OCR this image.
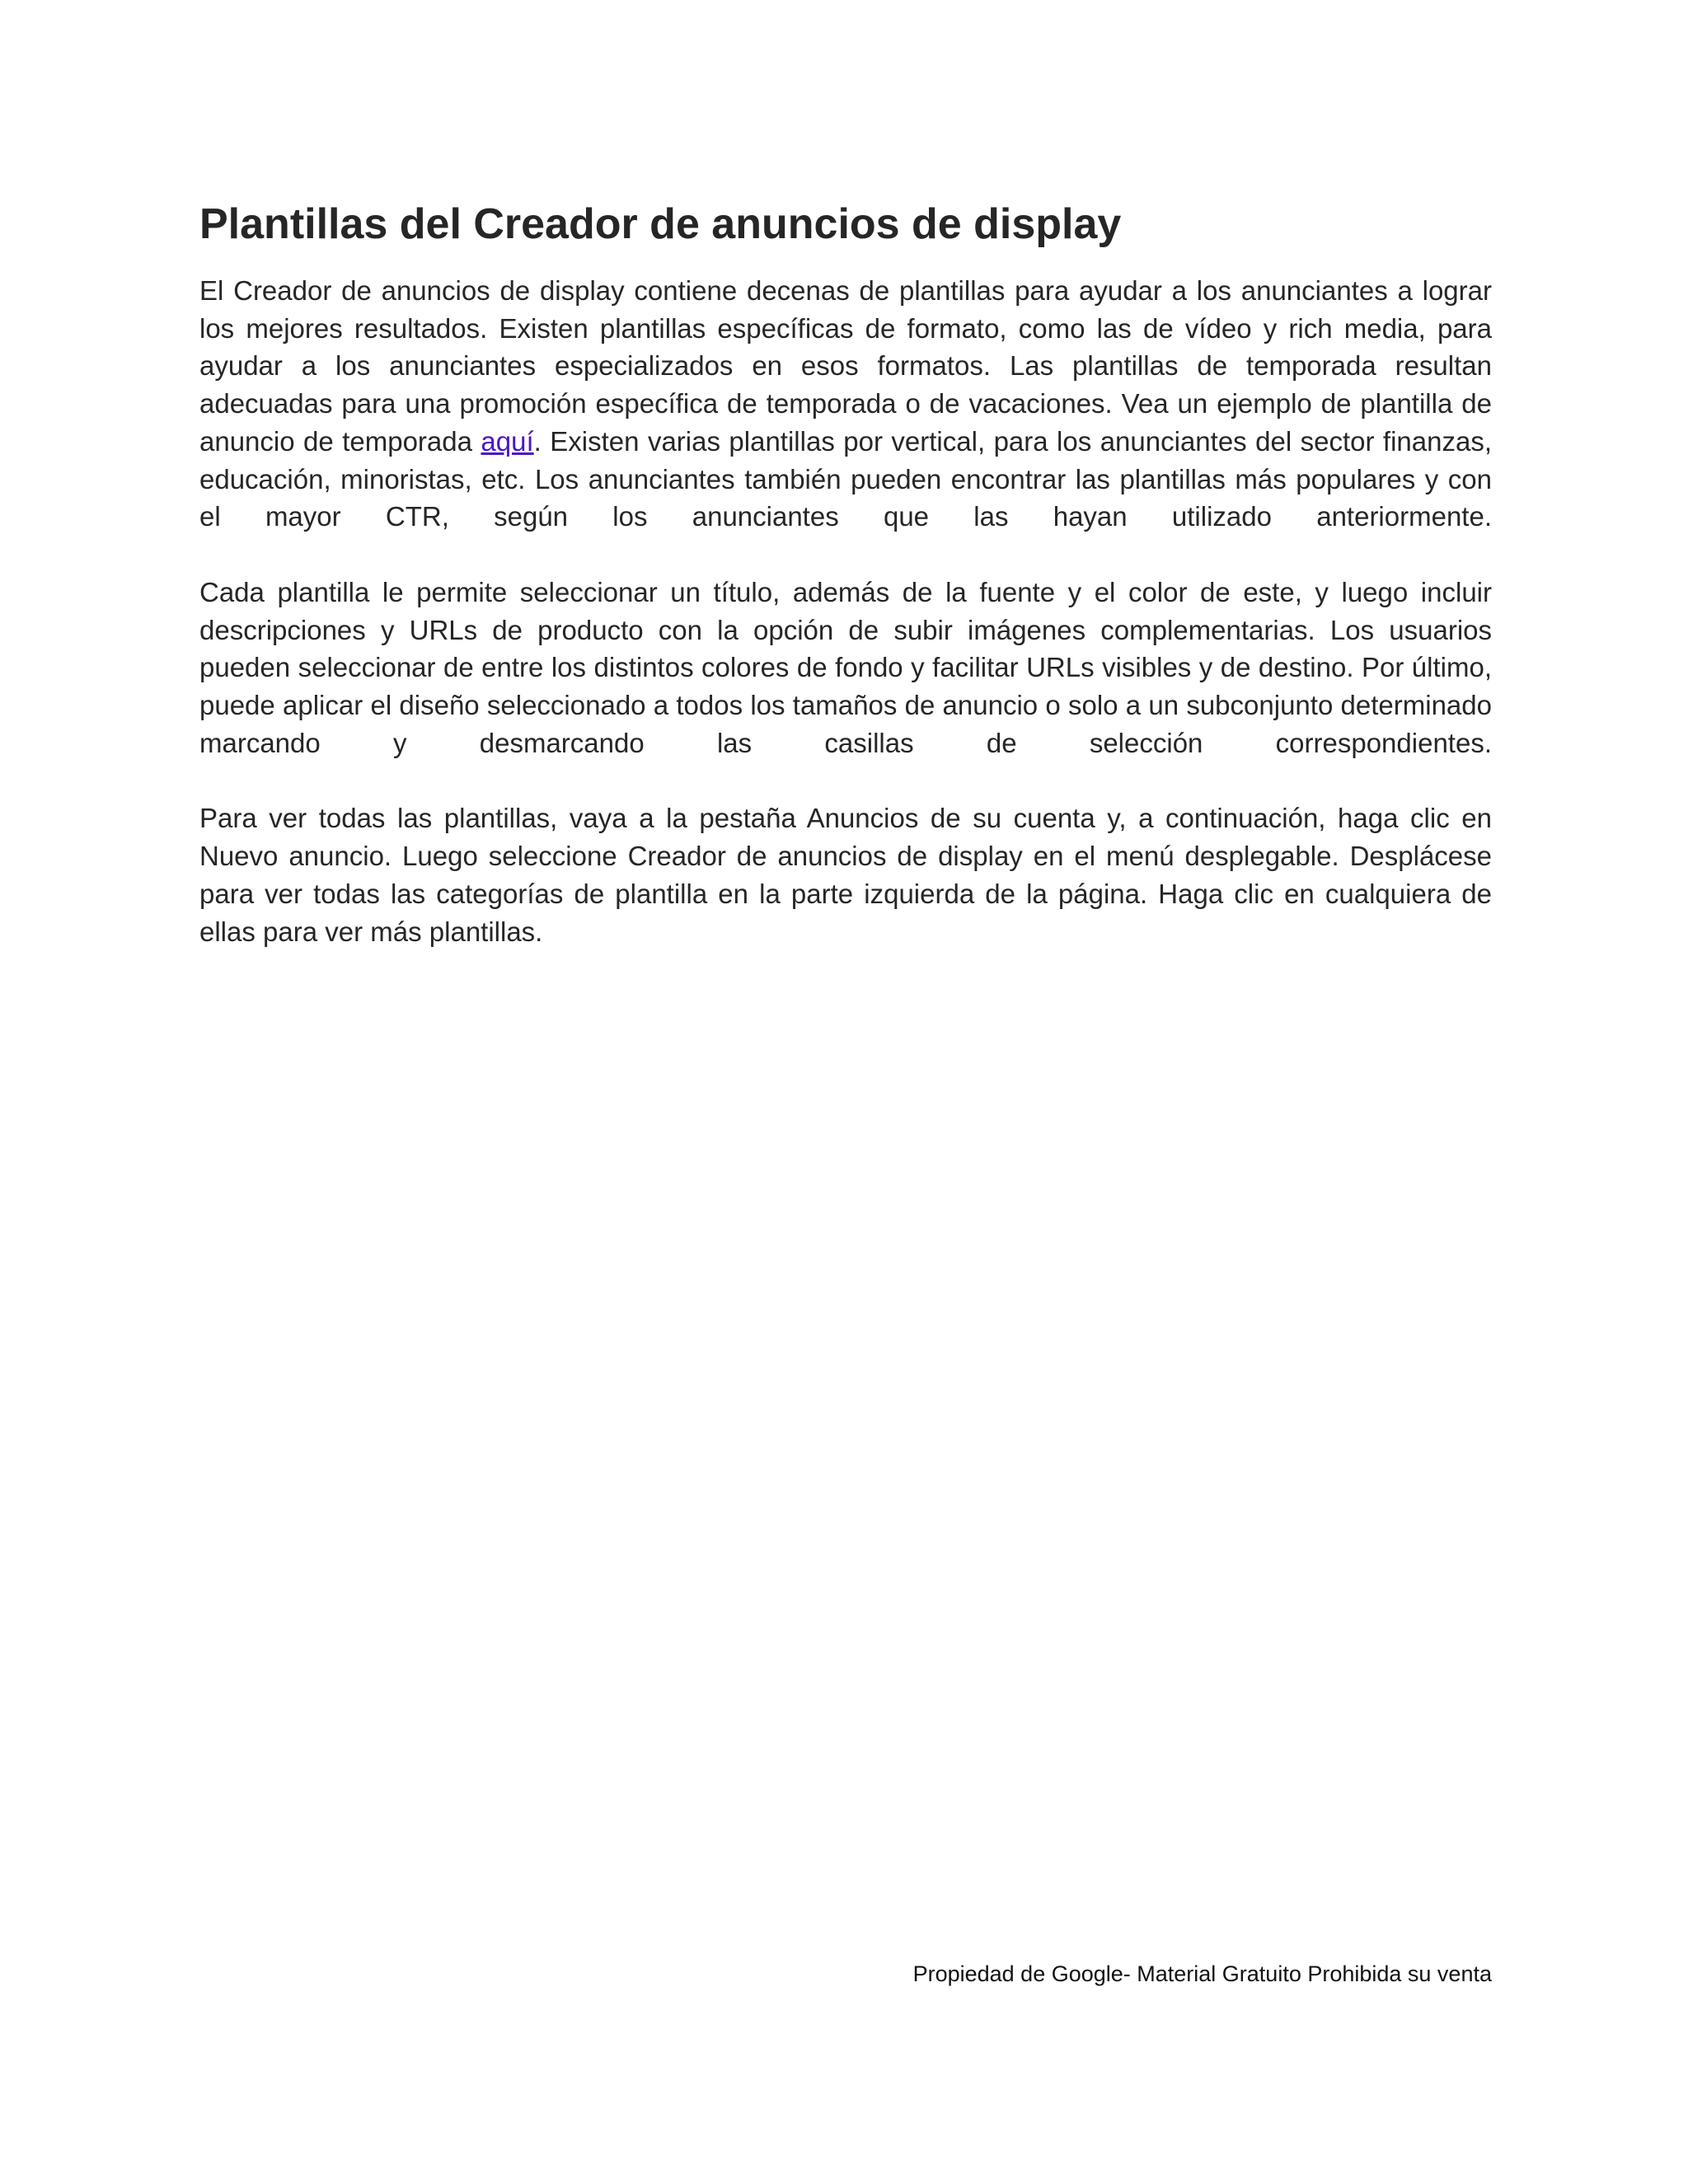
Plantillas del Creador de anuncios de display

El Creador de anuncios de display contiene decenas de plantillas para ayudar a los anunciantes a lograr los mejores resultados. Existen plantillas específicas de formato, como las de vídeo y rich media, para ayudar a los anunciantes especializados en esos formatos. Las plantillas de temporada resultan adecuadas para una promoción específica de temporada o de vacaciones. Vea un ejemplo de plantilla de anuncio de temporada aquí. Existen varias plantillas por vertical, para los anunciantes del sector finanzas, educación, minoristas, etc. Los anunciantes también pueden encontrar las plantillas más populares y con el mayor CTR, según los anunciantes que las hayan utilizado anteriormente.

Cada plantilla le permite seleccionar un título, además de la fuente y el color de este, y luego incluir descripciones y URLs de producto con la opción de subir imágenes complementarias. Los usuarios pueden seleccionar de entre los distintos colores de fondo y facilitar URLs visibles y de destino. Por último, puede aplicar el diseño seleccionado a todos los tamaños de anuncio o solo a un subconjunto determinado marcando y desmarcando las casillas de selección correspondientes.

Para ver todas las plantillas, vaya a la pestaña Anuncios de su cuenta y, a continuación, haga clic en Nuevo anuncio. Luego seleccione Creador de anuncios de display en el menú desplegable. Desplácese para ver todas las categorías de plantilla en la parte izquierda de la página. Haga clic en cualquiera de ellas para ver más plantillas.

Propiedad de Google- Material Gratuito Prohibida su venta
